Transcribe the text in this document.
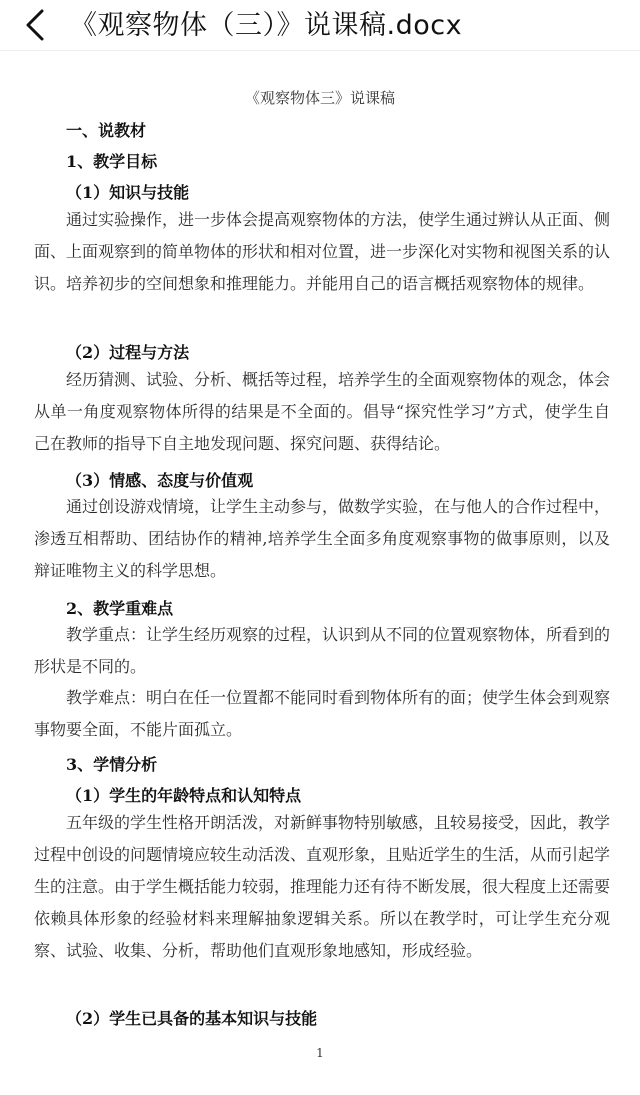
《观察物体（三）》说课稿.docx
《观察物体三》说课稿
一、说教材
1、教学目标
（1）知识与技能
通过实验操作，进一步体会提高观察物体的方法，使学生通过辨认从正面、侧面、上面观察到的简单物体的形状和相对位置，进一步深化对实物和视图关系的认识。培养初步的空间想象和推理能力。并能用自己的语言概括观察物体的规律。
（2）过程与方法
经历猜测、试验、分析、概括等过程，培养学生的全面观察物体的观念，体会从单一角度观察物体所得的结果是不全面的。倡导“探究性学习”方式，使学生自己在教师的指导下自主地发现问题、探究问题、获得结论。
（3）情感、态度与价值观
通过创设游戏情境，让学生主动参与，做数学实验，在与他人的合作过程中，渗透互相帮助、团结协作的精神,培养学生全面多角度观察事物的做事原则，以及辩证唯物主义的科学思想。
2、教学重难点
教学重点：让学生经历观察的过程，认识到从不同的位置观察物体，所看到的形状是不同的。
教学难点：明白在任一位置都不能同时看到物体所有的面；使学生体会到观察事物要全面，不能片面孤立。
3、学情分析
（1）学生的年龄特点和认知特点
五年级的学生性格开朗活泼，对新鲜事物特别敏感，且较易接受，因此，教学过程中创设的问题情境应较生动活泼、直观形象，且贴近学生的生活，从而引起学生的注意。由于学生概括能力较弱，推理能力还有待不断发展，很大程度上还需要依赖具体形象的经验材料来理解抽象逻辑关系。所以在教学时，可让学生充分观察、试验、收集、分析，帮助他们直观形象地感知，形成经验。
（2）学生已具备的基本知识与技能
1
